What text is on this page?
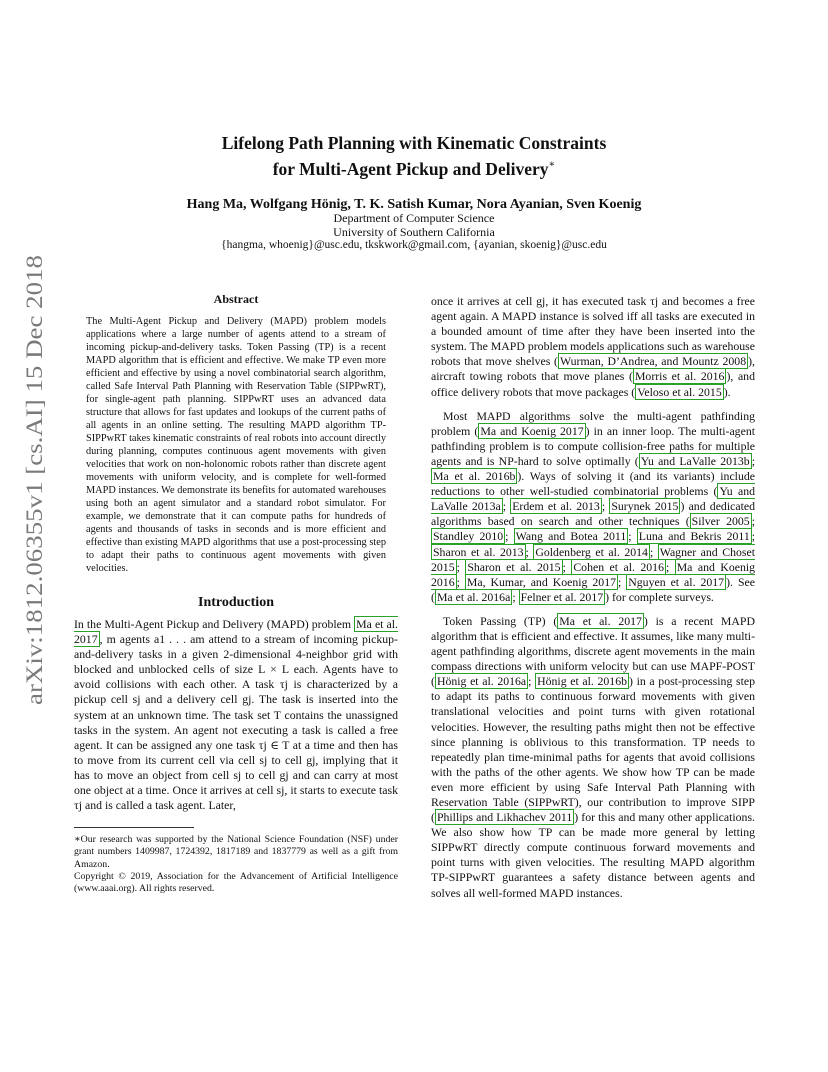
arXiv:1812.06355v1 [cs.AI] 15 Dec 2018
Lifelong Path Planning with Kinematic Constraints
for Multi-Agent Pickup and Delivery∗
Hang Ma, Wolfgang Hönig, T. K. Satish Kumar, Nora Ayanian, Sven Koenig
Department of Computer Science
University of Southern California
{hangma, whoenig}@usc.edu, tkskwork@gmail.com, {ayanian, skoenig}@usc.edu
Abstract

The Multi-Agent Pickup and Delivery (MAPD) problem models applications where a large number of agents attend to a stream of incoming pickup-and-delivery tasks. Token Passing (TP) is a recent MAPD algorithm that is efficient and effective. We make TP even more efficient and effective by using a novel combinatorial search algorithm, called Safe Interval Path Planning with Reservation Table (SIPPwRT), for single-agent path planning. SIPPwRT uses an advanced data structure that allows for fast updates and lookups of the current paths of all agents in an online setting. The resulting MAPD algorithm TP-SIPPwRT takes kinematic constraints of real robots into account directly during planning, computes continuous agent movements with given velocities that work on non-holonomic robots rather than discrete agent movements with uniform velocity, and is complete for well-formed MAPD instances. We demonstrate its benefits for automated warehouses using both an agent simulator and a standard robot simulator. For example, we demonstrate that it can compute paths for hundreds of agents and thousands of tasks in seconds and is more efficient and effective than existing MAPD algorithms that use a post-processing step to adapt their paths to continuous agent movements with given velocities.

Introduction

In the Multi-Agent Pickup and Delivery (MAPD) problem Ma et al. 2017 , m agents a1 . . . am attend to a stream of incoming pickup-and-delivery tasks in a given 2-dimensional 4-neighbor grid with blocked and unblocked cells of size L × L each. Agents have to avoid collisions with each other. A task τj is characterized by a pickup cell sj and a delivery cell gj. The task is inserted into the system at an unknown time. The task set T contains the unassigned tasks in the system. An agent not executing a task is called a free agent. It can be assigned any one task τj ∈ T at a time and then has to move from its current cell via cell sj to cell gj, implying that it has to move an object from cell sj to cell gj and can carry at most one object at a time. Once it arrives at cell sj, it starts to execute task τj and is called a task agent. Later,

∗Our research was supported by the National Science Foundation (NSF) under grant numbers 1409987, 1724392, 1817189 and 1837779 as well as a gift from Amazon.

Copyright © 2019, Association for the Advancement of Artificial Intelligence (www.aaai.org). All rights reserved.

once it arrives at cell gj, it has executed task τj and becomes a free agent again. A MAPD instance is solved iff all tasks are executed in a bounded amount of time after they have been inserted into the system. The MAPD problem models applications such as warehouse robots that move shelves ( Wurman, D’Andrea, and Mountz 2008 ), aircraft towing robots that move planes ( Morris et al. 2016 ), and office delivery robots that move packages ( Veloso et al. 2015 ).

Most MAPD algorithms solve the multi-agent pathfinding problem ( Ma and Koenig 2017 ) in an inner loop. The multi-agent pathfinding problem is to compute collision-free paths for multiple agents and is NP-hard to solve optimally ( Yu and LaValle 2013b ; Ma et al. 2016b ). Ways of solving it (and its variants) include reductions to other well-studied combinatorial problems ( Yu and LaValle 2013a ; Erdem et al. 2013 ; Surynek 2015 ) and dedicated algorithms based on search and other techniques ( Silver 2005 ; Standley 2010 ; Wang and Botea 2011 ; Luna and Bekris 2011 ; Sharon et al. 2013 ; Goldenberg et al. 2014 ; Wagner and Choset 2015 ; Sharon et al. 2015 ; Cohen et al. 2016 ; Ma and Koenig 2016 ; Ma, Kumar, and Koenig 2017 ; Nguyen et al. 2017 ). See ( Ma et al. 2016a ; Felner et al. 2017 ) for complete surveys.

Token Passing (TP) ( Ma et al. 2017 ) is a recent MAPD algorithm that is efficient and effective. It assumes, like many multi-agent pathfinding algorithms, discrete agent movements in the main compass directions with uniform velocity but can use MAPF-POST ( Hönig et al. 2016a ; Hönig et al. 2016b ) in a post-processing step to adapt its paths to continuous forward movements with given translational velocities and point turns with given rotational velocities. However, the resulting paths might then not be effective since planning is oblivious to this transformation. TP needs to repeatedly plan time-minimal paths for agents that avoid collisions with the paths of the other agents. We show how TP can be made even more efficient by using Safe Interval Path Planning with Reservation Table (SIPPwRT), our contribution to improve SIPP ( Phillips and Likhachev 2011 ) for this and many other applications. We also show how TP can be made more general by letting SIPPwRT directly compute continuous forward movements and point turns with given velocities. The resulting MAPD algorithm TP-SIPPwRT guarantees a safety distance between agents and solves all well-formed MAPD instances.
